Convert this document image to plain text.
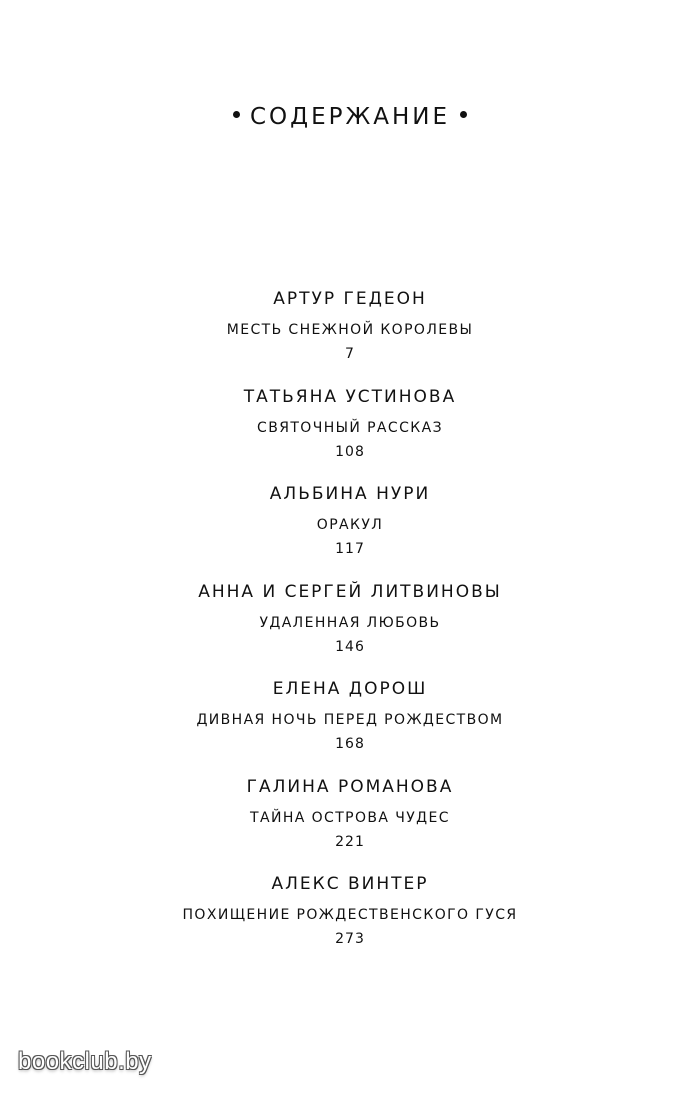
СОДЕРЖАНИЕ
АРТУР ГЕДЕОН
МЕСТЬ СНЕЖНОЙ КОРОЛЕВЫ
7
ТАТЬЯНА УСТИНОВА
СВЯТОЧНЫЙ РАССКАЗ
108
АЛЬБИНА НУРИ
ОРАКУЛ
117
АННА И СЕРГЕЙ ЛИТВИНОВЫ
УДАЛЕННАЯ ЛЮБОВЬ
146
ЕЛЕНА ДОРОШ
ДИВНАЯ НОЧЬ ПЕРЕД РОЖДЕСТВОМ
168
ГАЛИНА РОМАНОВА
ТАЙНА ОСТРОВА ЧУДЕС
221
АЛЕКС ВИНТЕР
ПОХИЩЕНИЕ РОЖДЕСТВЕНСКОГО ГУСЯ
273
bookclub.by
